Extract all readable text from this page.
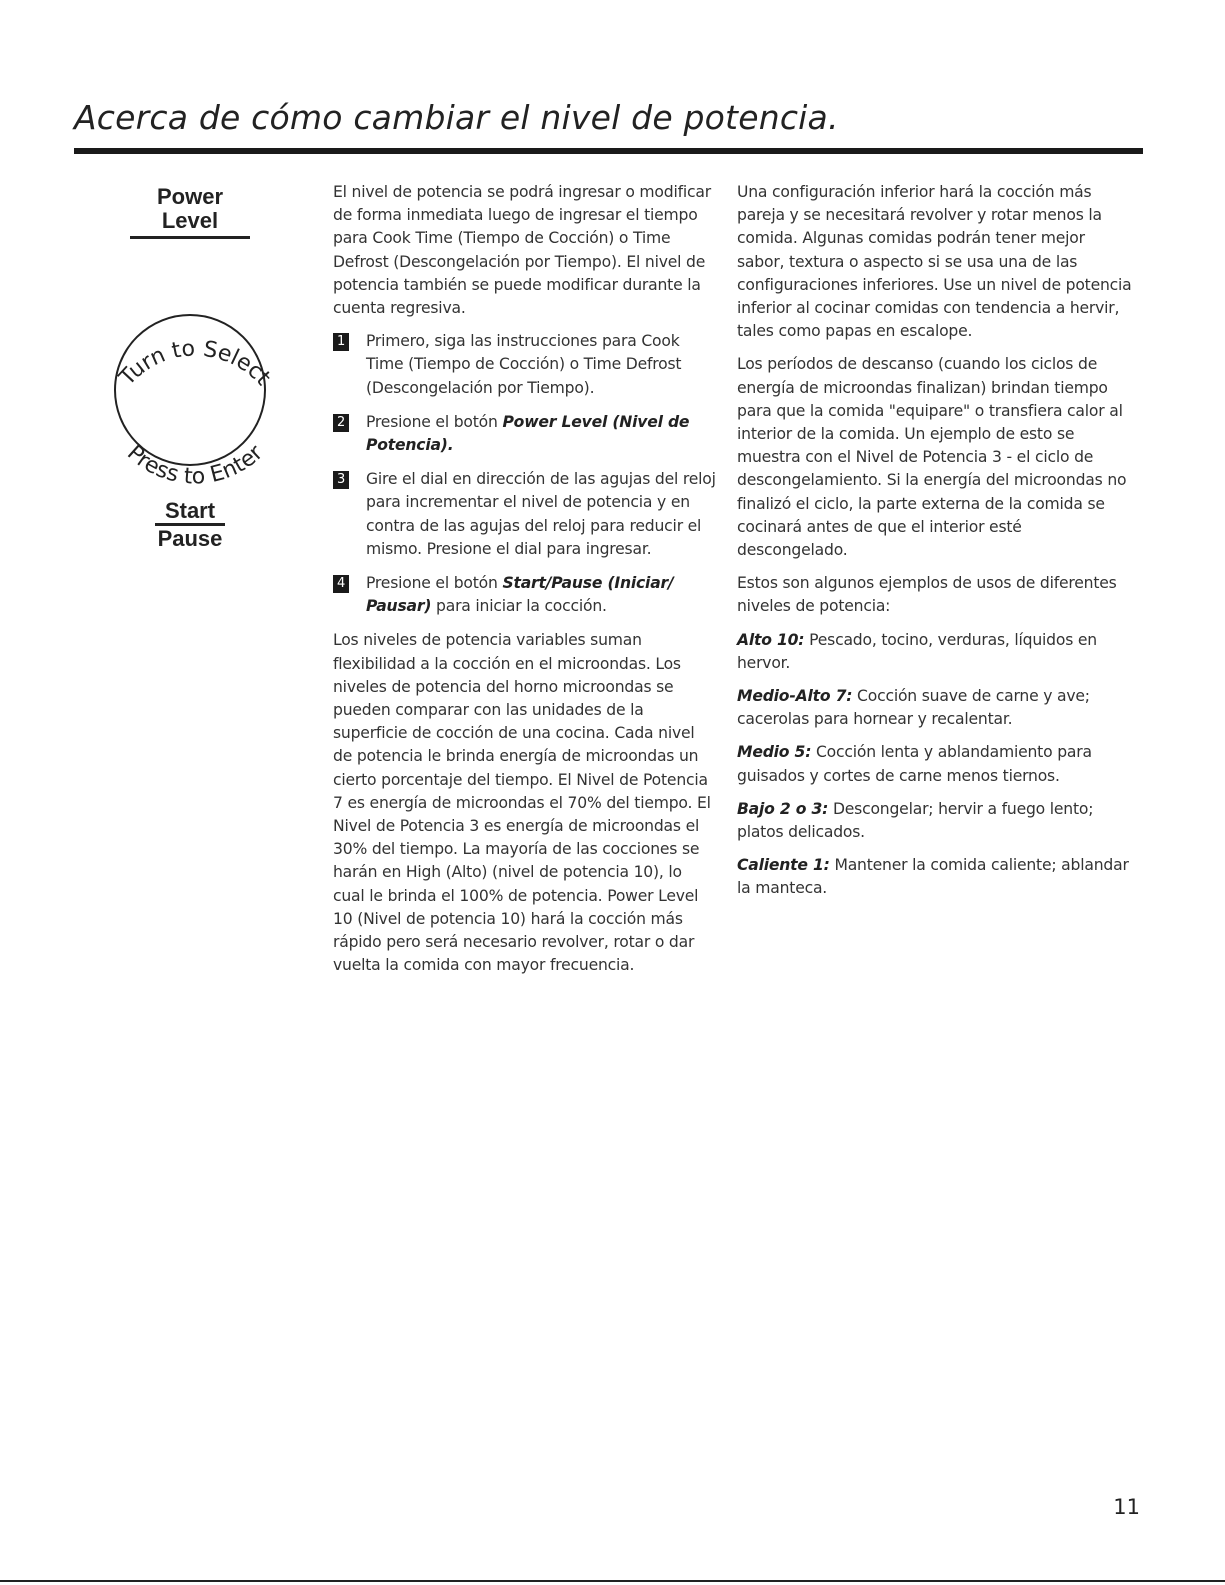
Acerca de cómo cambiar el nivel de potencia.
Power
Level
Turn to Select
Press to Enter
Start
Pause

El nivel de potencia se podrá ingresar o modificar de forma inmediata luego de ingresar el tiempo para Cook Time (Tiempo de Cocción) o Time Defrost (Descongelación por Tiempo). El nivel de potencia también se puede modificar durante la cuenta regresiva.

1 Primero, siga las instrucciones para Cook Time (Tiempo de Cocción) o Time Defrost (Descongelación por Tiempo).
2 Presione el botón Power Level (Nivel de Potencia).
3 Gire el dial en dirección de las agujas del reloj para incrementar el nivel de potencia y en contra de las agujas del reloj para reducir el mismo. Presione el dial para ingresar.
4 Presione el botón Start/Pause (Iniciar/ Pausar) para iniciar la cocción.

Los niveles de potencia variables suman flexibilidad a la cocción en el microondas. Los niveles de potencia del horno microondas se pueden comparar con las unidades de la superficie de cocción de una cocina. Cada nivel de potencia le brinda energía de microondas un cierto porcentaje del tiempo. El Nivel de Potencia 7 es energía de microondas el 70% del tiempo. El Nivel de Potencia 3 es energía de microondas el 30% del tiempo. La mayoría de las cocciones se harán en High (Alto) (nivel de potencia 10), lo cual le brinda el 100% de potencia. Power Level 10 (Nivel de potencia 10) hará la cocción más rápido pero será necesario revolver, rotar o dar vuelta la comida con mayor frecuencia.

Una configuración inferior hará la cocción más pareja y se necesitará revolver y rotar menos la comida. Algunas comidas podrán tener mejor sabor, textura o aspecto si se usa una de las configuraciones inferiores. Use un nivel de potencia inferior al cocinar comidas con tendencia a hervir, tales como papas en escalope.

Los períodos de descanso (cuando los ciclos de energía de microondas finalizan) brindan tiempo para que la comida "equipare" o transfiera calor al interior de la comida. Un ejemplo de esto se muestra con el Nivel de Potencia 3 - el ciclo de descongelamiento. Si la energía del microondas no finalizó el ciclo, la parte externa de la comida se cocinará antes de que el interior esté descongelado.

Estos son algunos ejemplos de usos de diferentes niveles de potencia:

Alto 10: Pescado, tocino, verduras, líquidos en hervor.

Medio-Alto 7: Cocción suave de carne y ave; cacerolas para hornear y recalentar.

Medio 5: Cocción lenta y ablandamiento para guisados y cortes de carne menos tiernos.

Bajo 2 o 3: Descongelar; hervir a fuego lento; platos delicados.

Caliente 1: Mantener la comida caliente; ablandar la manteca.

11
